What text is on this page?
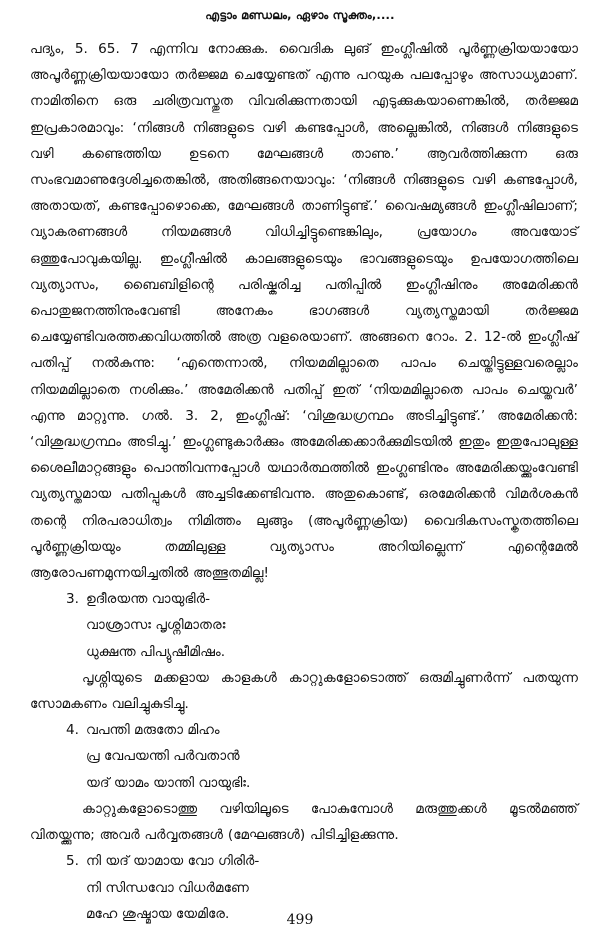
എട്ടാം മണ്ഡലം, ഏഴാം സൂക്തം,....

പദ്യം, 5. 65. 7 എന്നിവ നോക്കുക. വൈദിക ലുങ് ഇംഗ്ലീഷിൽ പൂർണ്ണക്രിയയായോ അപൂർണ്ണക്രിയയായോ തർജ്ജമ ചെയ്യേണ്ടത് എന്നു പറയുക പലപ്പോഴും അസാധ്യമാണ്. നാമിതിനെ ഒരു ചരിത്രവസ്തുത വിവരിക്കുന്നതായി എടുക്കുകയാണെങ്കിൽ, തർജ്ജമ ഇപ്രകാരമാവും: ‘നിങ്ങൾ നിങ്ങളുടെ വഴി കണ്ടപ്പോൾ, അല്ലെങ്കിൽ, നിങ്ങൾ നിങ്ങളുടെ വഴി കണ്ടെത്തിയ ഉടനെ മേഘങ്ങൾ താണു.’ ആവർത്തിക്കുന്ന ഒരു സംഭവമാണുദ്ദേശിച്ചതെങ്കിൽ, അതിങ്ങനെയാവും: ‘നിങ്ങൾ നിങ്ങളുടെ വഴി കണ്ടപ്പോൾ, അതായത്, കണ്ടപ്പോഴൊക്കെ, മേഘങ്ങൾ താണിട്ടുണ്ട്.’ വൈഷമ്യങ്ങൾ ഇംഗ്ലീഷിലാണ്; വ്യാകരണങ്ങൾ നിയമങ്ങൾ വിധിച്ചിട്ടുണ്ടെങ്കിലും, പ്രയോഗം അവയോട് ഒത്തുപോവുകയില്ല. ഇംഗ്ലീഷിൽ കാലങ്ങളുടെയും ഭാവങ്ങളുടെയും ഉപയോഗത്തിലെ വ്യത്യാസം, ബൈബിളിന്റെ പരിഷ്കരിച്ച പതിപ്പിൽ ഇംഗ്ലീഷിനും അമേരിക്കൻ പൊതുജനത്തിനുംവേണ്ടി അനേകം ഭാഗങ്ങൾ വ്യത്യസ്തമായി തർജ്ജമ ചെയ്യേണ്ടിവരത്തക്കവിധത്തിൽ അത്ര വളരെയാണ്. അങ്ങനെ റോം. 2. 12-ൽ ഇംഗ്ലീഷ് പതിപ്പ് നൽകുന്നു: ‘എന്തെന്നാൽ, നിയമമില്ലാതെ പാപം ചെയ്തിട്ടുള്ളവരെല്ലാം നിയമമില്ലാതെ നശിക്കും.’ അമേരിക്കൻ പതിപ്പ് ഇത് ‘നിയമമില്ലാതെ പാപം ചെയ്തവർ’ എന്നു മാറ്റുന്നു. ഗൽ. 3. 2, ഇംഗ്ലീഷ്: ‘വിശുദ്ധഗ്രന്ഥം അടിച്ചിട്ടുണ്ട്.’ അമേരിക്കൻ: ‘വിശുദ്ധഗ്രന്ഥം അടിച്ചു.’ ഇംഗ്ലണ്ടുകാർക്കും അമേരിക്കക്കാർക്കുമിടയിൽ ഇതും ഇതുപോലുള്ള ശൈലീമാറ്റങ്ങളും പൊന്തിവന്നപ്പോൾ യഥാർത്ഥത്തിൽ ഇംഗ്ലണ്ടിനും അമേരിക്കയ്ക്കുംവേണ്ടി വ്യത്യസ്തമായ പതിപ്പുകൾ അച്ചടിക്കേണ്ടിവന്നു. അതുകൊണ്ട്, ഒരമേരിക്കൻ വിമർശകൻ തന്റെ നിരപരാധിത്വം നിമിത്തം ലുങ്ങും (അപൂർണ്ണക്രിയ) വൈദികസംസ്കൃതത്തിലെ പൂർണ്ണക്രിയയും തമ്മിലുള്ള വ്യത്യാസം അറിയില്ലെന്ന് എന്റെമേൽ ആരോപണമുന്നയിച്ചതിൽ അത്ഭുതമില്ല!

3. ഉദീരയന്ത വായുഭിര്‍-
വാശ്രാസഃ പൃശ്നിമാതരഃ
ധുക്ഷന്ത പിപ്യുഷീമിഷം.

പൃശ്നിയുടെ മക്കളായ കാളകൾ കാറ്റുകളോടൊത്ത് ഒരുമിച്ചുണർന്ന് പതയുന്ന സോമകണം വലിച്ചുകുടിച്ചു.

4. വപന്തി മരുതോ മിഹം
പ്ര വേപയന്തി പര്‍വതാന്‍
യദ് യാമം യാന്തി വായുഭിഃ.

കാറ്റുകളോടൊത്തു വഴിയിലൂടെ പോകുമ്പോൾ മരുത്തുക്കൾ മൂടൽമഞ്ഞ് വിതയ്ക്കുന്നു; അവർ പർവ്വതങ്ങൾ (മേഘങ്ങൾ) പിടിച്ചിളക്കുന്നു.

5. നി യദ് യാമായ വോ ഗിരിര്‍-
നി സിന്ധവോ വിധര്‍മണേ
മഹേ ശുഷ്മായ യേമിരേ.	499
